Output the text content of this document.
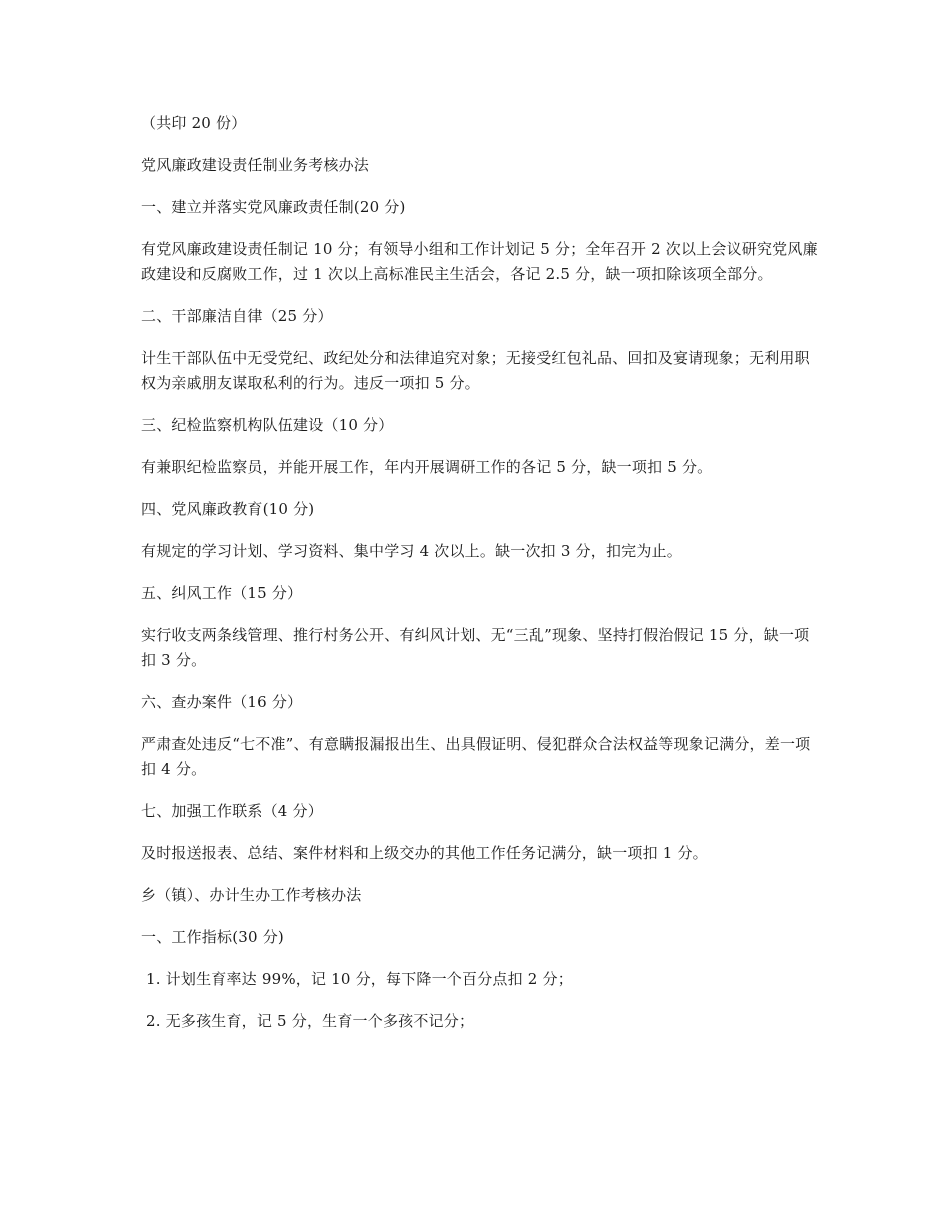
（共印 20 份）

党风廉政建设责任制业务考核办法

一、建立并落实党风廉政责任制(20 分)

有党风廉政建设责任制记 10 分；有领导小组和工作计划记 5 分；全年召开 2 次以上会议研究党风廉政建设和反腐败工作，过 1 次以上高标准民主生活会，各记 2.5 分，缺一项扣除该项全部分。

二、干部廉洁自律（25 分）

计生干部队伍中无受党纪、政纪处分和法律追究对象；无接受红包礼品、回扣及宴请现象；无利用职权为亲戚朋友谋取私利的行为。违反一项扣 5 分。

三、纪检监察机构队伍建设（10 分）

有兼职纪检监察员，并能开展工作，年内开展调研工作的各记 5 分，缺一项扣 5 分。

四、党风廉政教育(10 分)

有规定的学习计划、学习资料、集中学习 4 次以上。缺一次扣 3 分，扣完为止。

五、纠风工作（15 分）

实行收支两条线管理、推行村务公开、有纠风计划、无“三乱”现象、坚持打假治假记 15 分，缺一项扣 3 分。

六、查办案件（16 分）

严肃查处违反“七不准”、有意瞒报漏报出生、出具假证明、侵犯群众合法权益等现象记满分，差一项扣 4 分。

七、加强工作联系（4 分）

及时报送报表、总结、案件材料和上级交办的其他工作任务记满分，缺一项扣 1 分。

乡（镇）、办计生办工作考核办法

一、工作指标(30 分)

1. 计划生育率达 99%，记 10 分，每下降一个百分点扣 2 分；

2. 无多孩生育，记 5 分，生育一个多孩不记分；
